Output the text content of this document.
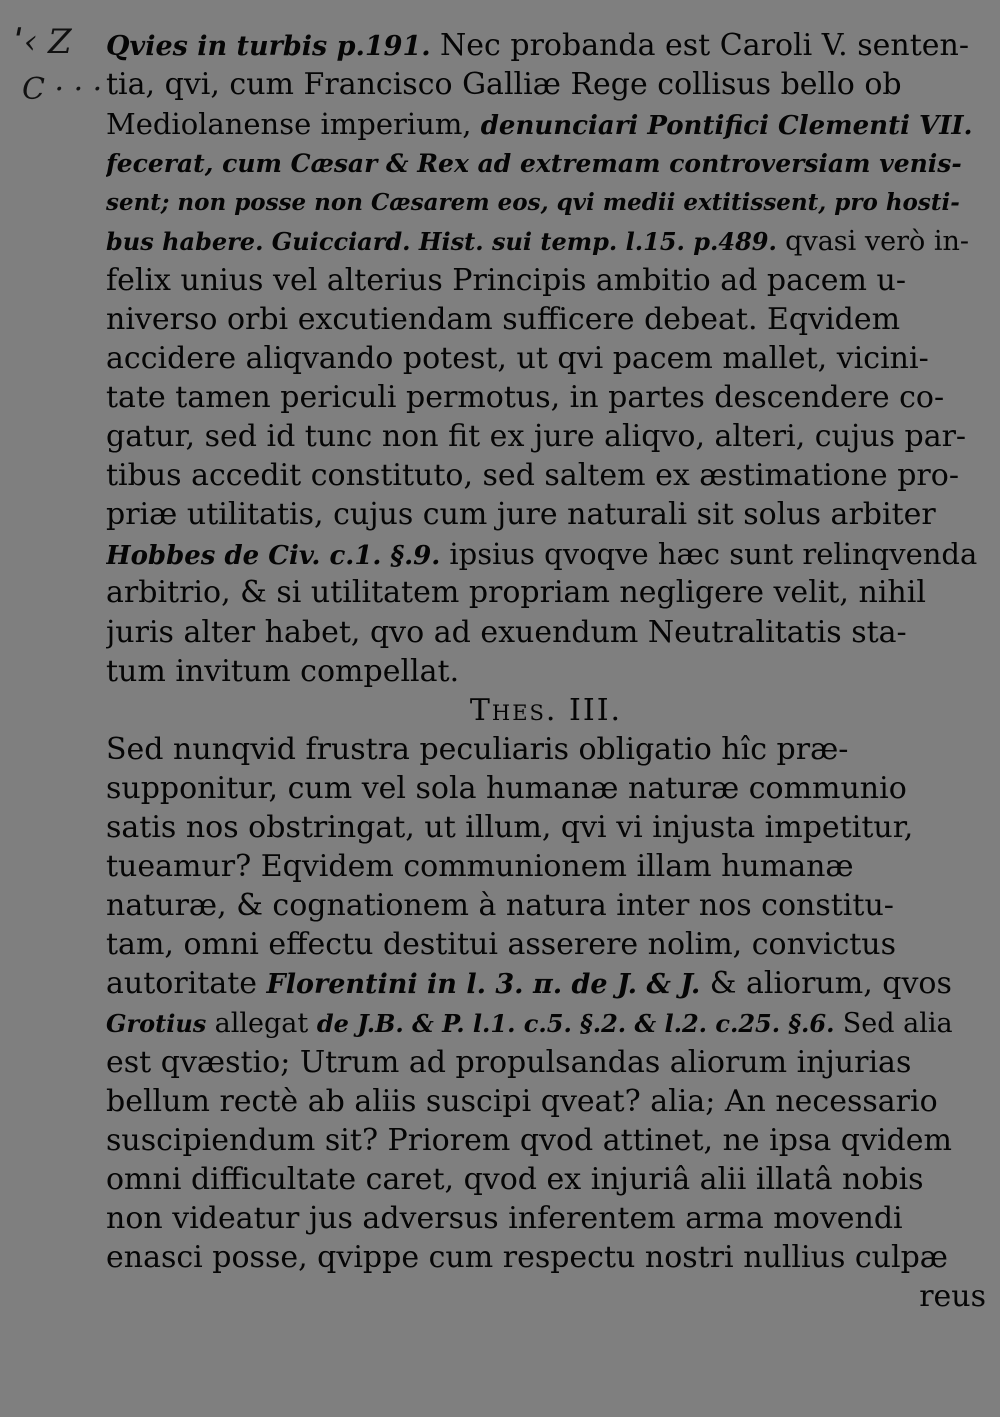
ˈ‹ Z
C · · ·
Qvies in turbis p.191. Nec probanda est Caroli V. senten-
tia, qvi, cum Francisco Galliæ Rege collisus bello ob
Mediolanense imperium, denunciari Pontifici Clementi VII.
fecerat, cum Cæsar & Rex ad extremam controversiam venis-
sent; non posse non Cæsarem eos, qvi medii extitissent, pro hosti-
bus habere. Guicciard. Hist. sui temp. l.15. p.489. qvasi verò in-
felix unius vel alterius Principis ambitio ad pacem u-
niverso orbi excutiendam sufficere debeat. Eqvidem
accidere aliqvando potest, ut qvi pacem mallet, vicini-
tate tamen periculi permotus, in partes descendere co-
gatur, sed id tunc non fit ex jure aliqvo, alteri, cujus par-
tibus accedit constituto, sed saltem ex æstimatione pro-
priæ utilitatis, cujus cum jure naturali sit solus arbiter
Hobbes de Civ. c.1. §.9. ipsius qvoqve hæc sunt relinqvenda
arbitrio, & si utilitatem propriam negligere velit, nihil
juris alter habet, qvo ad exuendum Neutralitatis sta-
tum invitum compellat.
Thes. III.
Sed nunqvid frustra peculiaris obligatio hîc præ-
supponitur, cum vel sola humanæ naturæ communio
satis nos obstringat, ut illum, qvi vi injusta impetitur,
tueamur? Eqvidem communionem illam humanæ
naturæ, & cognationem à natura inter nos constitu-
tam, omni effectu destitui asserere nolim, convictus
autoritate Florentini in l. 3. π. de J. & J. & aliorum, qvos
Grotius allegat de J.B. & P. l.1. c.5. §.2. & l.2. c.25. §.6. Sed alia
est qvæstio; Utrum ad propulsandas aliorum injurias
bellum rectè ab aliis suscipi qveat? alia; An necessario
suscipiendum sit? Priorem qvod attinet, ne ipsa qvidem
omni difficultate caret, qvod ex injuriâ alii illatâ nobis
non videatur jus adversus inferentem arma movendi
enasci posse, qvippe cum respectu nostri nullius culpæ
reus
